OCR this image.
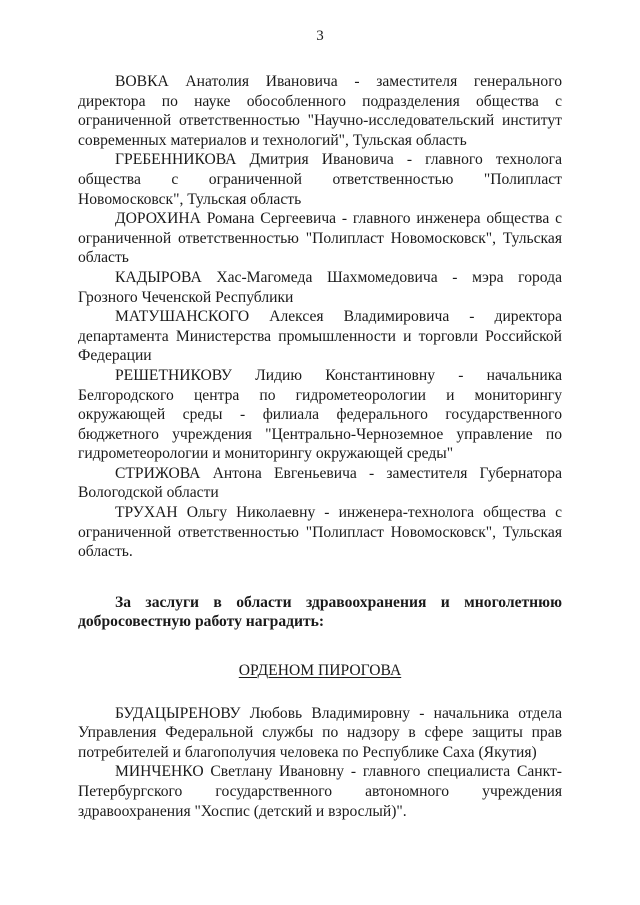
3

ВОВКА Анатолия Ивановича - заместителя генерального директора по науке обособленного подразделения общества с ограниченной ответственностью "Научно-исследовательский институт современных материалов и технологий", Тульская область

ГРЕБЕННИКОВА Дмитрия Ивановича - главного технолога общества с ограниченной ответственностью "Полипласт Новомосковск", Тульская область

ДОРОХИНА Романа Сергеевича - главного инженера общества с ограниченной ответственностью "Полипласт Новомосковск", Тульская область

КАДЫРОВА Хас-Магомеда Шахмомедовича - мэра города Грозного Чеченской Республики

МАТУШАНСКОГО Алексея Владимировича - директора департамента Министерства промышленности и торговли Российской Федерации

РЕШЕТНИКОВУ Лидию Константиновну - начальника Белгородского центра по гидрометеорологии и мониторингу окружающей среды - филиала федерального государственного бюджетного учреждения "Центрально-Черноземное управление по гидрометеорологии и мониторингу окружающей среды"

СТРИЖОВА Антона Евгеньевича - заместителя Губернатора Вологодской области

ТРУХАН Ольгу Николаевну - инженера-технолога общества с ограниченной ответственностью "Полипласт Новомосковск", Тульская область.

За заслуги в области здравоохранения и многолетнюю добросовестную работу наградить:

ОРДЕНОМ ПИРОГОВА

БУДАЦЫРЕНОВУ Любовь Владимировну - начальника отдела Управления Федеральной службы по надзору в сфере защиты прав потребителей и благополучия человека по Республике Саха (Якутия)

МИНЧЕНКО Светлану Ивановну - главного специалиста Санкт-Петербургского государственного автономного учреждения здравоохранения "Хоспис (детский и взрослый)".
